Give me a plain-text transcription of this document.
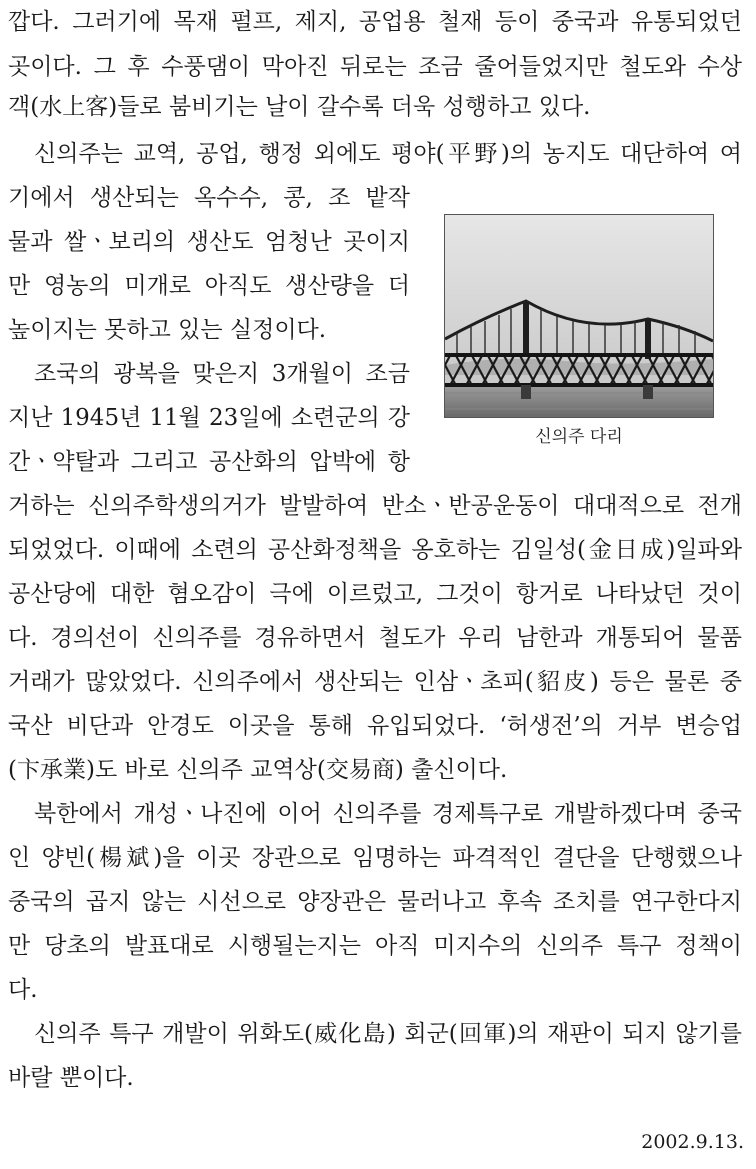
깝다. 그러기에 목재 펄프, 제지, 공업용 철재 등이 중국과 유통되었던
곳이다. 그 후 수풍댐이 막아진 뒤로는 조금 줄어들었지만 철도와 수상
객(水上客)들로 붐비기는 날이 갈수록 더욱 성행하고 있다.
신의주는 교역, 공업, 행정 외에도 평야(平野)의 농지도 대단하여 여
기에서 생산되는 옥수수, 콩, 조 밭작
물과 쌀ㆍ보리의 생산도 엄청난 곳이지
만 영농의 미개로 아직도 생산량을 더
높이지는 못하고 있는 실정이다.
조국의 광복을 맞은지 3개월이 조금
지난 1945년 11월 23일에 소련군의 강
간ㆍ약탈과 그리고 공산화의 압박에 항
거하는 신의주학생의거가 발발하여 반소ㆍ반공운동이 대대적으로 전개
되었었다. 이때에 소련의 공산화정책을 옹호하는 김일성(金日成)일파와
공산당에 대한 혐오감이 극에 이르렀고, 그것이 항거로 나타났던 것이
다. 경의선이 신의주를 경유하면서 철도가 우리 남한과 개통되어 물품
거래가 많았었다. 신의주에서 생산되는 인삼ㆍ초피(貂皮) 등은 물론 중
국산 비단과 안경도 이곳을 통해 유입되었다. ‘허생전’의 거부 변승업
(卞承業)도 바로 신의주 교역상(交易商) 출신이다.
북한에서 개성ㆍ나진에 이어 신의주를 경제특구로 개발하겠다며 중국
인 양빈(楊斌)을 이곳 장관으로 임명하는 파격적인 결단을 단행했으나
중국의 곱지 않는 시선으로 양장관은 물러나고 후속 조치를 연구한다지
만 당초의 발표대로 시행될는지는 아직 미지수의 신의주 특구 정책이
다.
신의주 특구 개발이 위화도(威化島) 회군(回軍)의 재판이 되지 않기를
바랄 뿐이다.
신의주 다리
2002.9.13.
